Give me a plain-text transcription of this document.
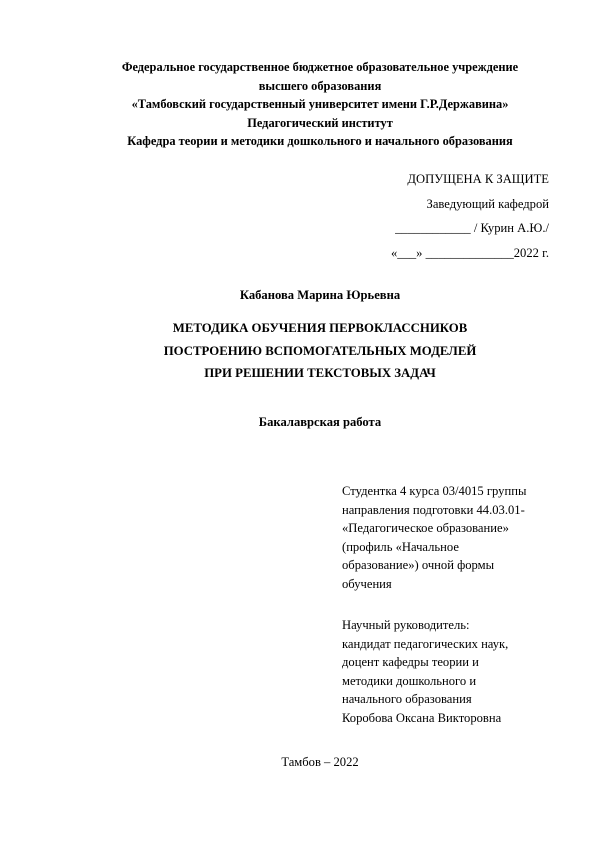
Федеральное государственное бюджетное образовательное учреждение
высшего образования
«Тамбовский государственный университет имени Г.Р.Державина»
Педагогический институт
Кафедра теории и методики дошкольного и начального образования
ДОПУЩЕНА К ЗАЩИТЕ
Заведующий кафедрой
____________ / Курин А.Ю./
«___» ______________2022 г.
Кабанова Марина Юрьевна
МЕТОДИКА ОБУЧЕНИЯ ПЕРВОКЛАССНИКОВ
ПОСТРОЕНИЮ ВСПОМОГАТЕЛЬНЫХ МОДЕЛЕЙ
ПРИ РЕШЕНИИ ТЕКСТОВЫХ ЗАДАЧ
Бакалаврская работа
Студентка 4 курса 03/4015 группы
направления подготовки 44.03.01-
«Педагогическое образование»
(профиль «Начальное
образование») очной формы
обучения
Научный руководитель:
кандидат педагогических наук,
доцент кафедры теории и
методики дошкольного и
начального образования
Коробова Оксана Викторовна
Тамбов – 2022
